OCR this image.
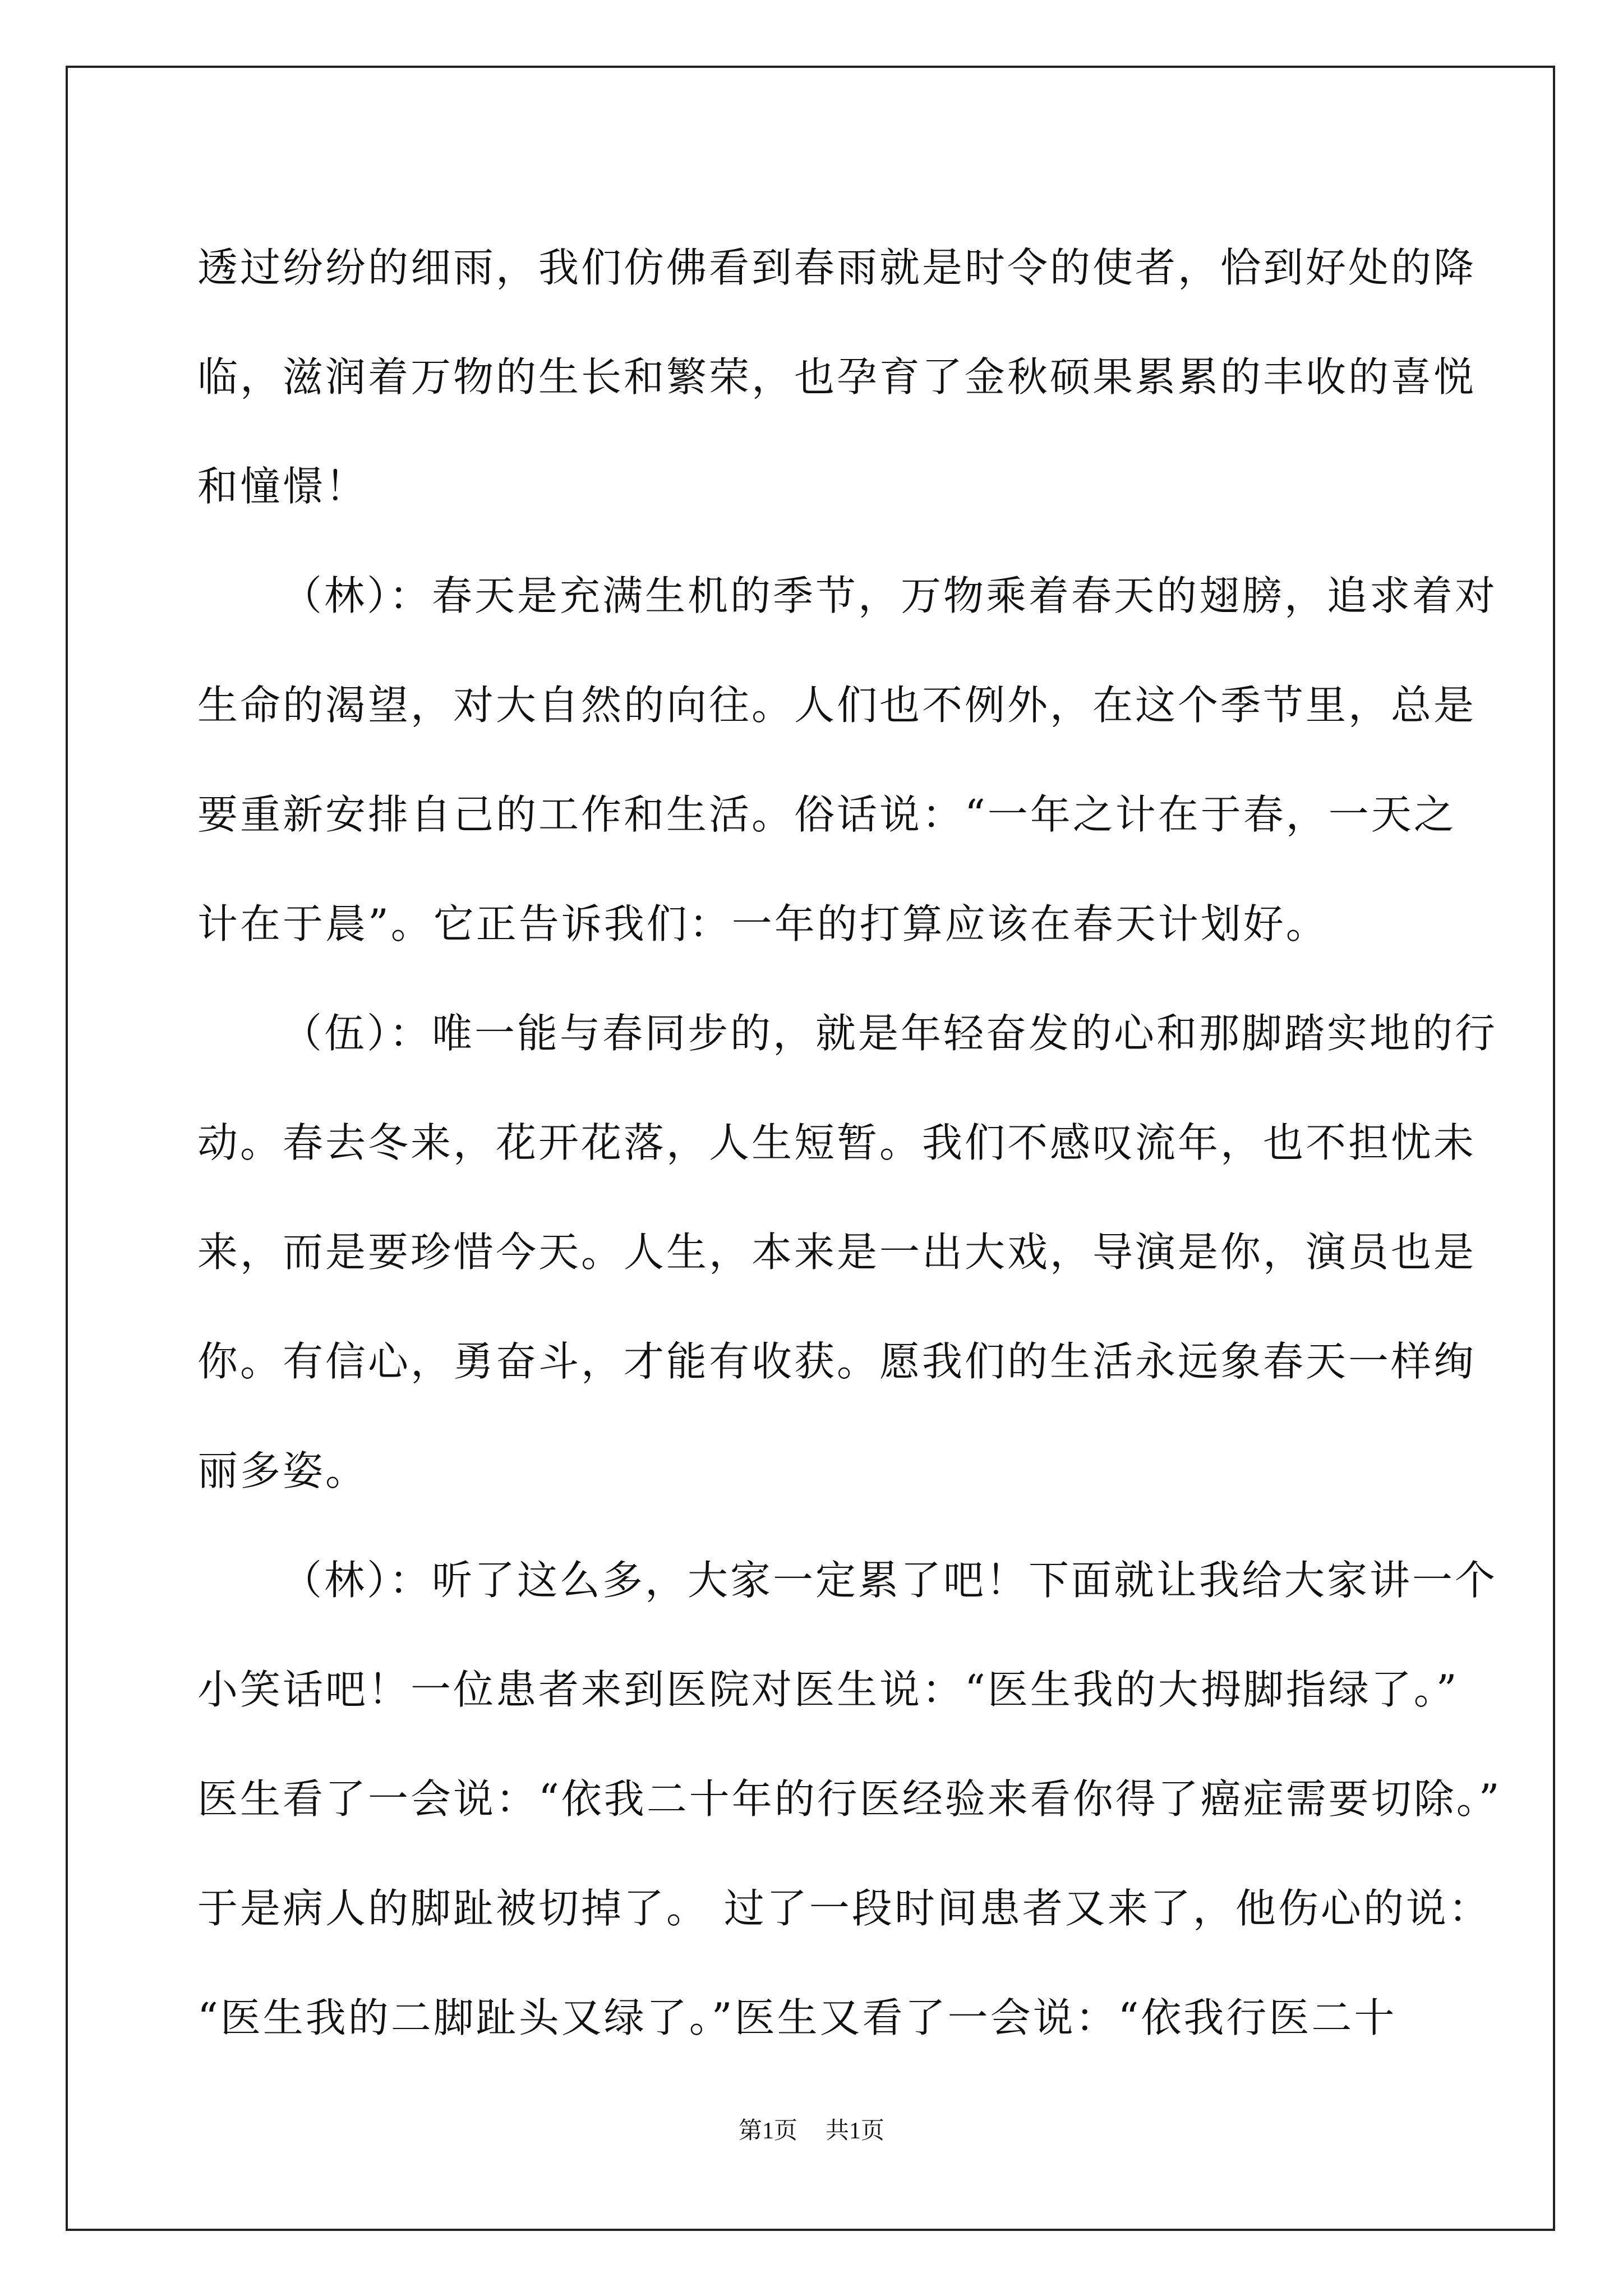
透过纷纷的细雨，我们仿佛看到春雨就是时令的使者，恰到好处的降
临，滋润着万物的生长和繁荣，也孕育了金秋硕果累累的丰收的喜悦
和憧憬！
（林）：春天是充满生机的季节，万物乘着春天的翅膀，追求着对
生命的渴望，对大自然的向往。人们也不例外，在这个季节里，总是
要重新安排自己的工作和生活。俗话说：“一年之计在于春，一天之
计在于晨”。它正告诉我们：一年的打算应该在春天计划好。
（伍）：唯一能与春同步的，就是年轻奋发的心和那脚踏实地的行
动。春去冬来，花开花落，人生短暂。我们不感叹流年，也不担忧未
来，而是要珍惜今天。人生，本来是一出大戏，导演是你，演员也是
你。有信心，勇奋斗，才能有收获。愿我们的生活永远象春天一样绚
丽多姿。
（林）：听了这么多，大家一定累了吧！下面就让我给大家讲一个
小笑话吧！一位患者来到医院对医生说：“医生我的大拇脚指绿了。”
医生看了一会说：“依我二十年的行医经验来看你得了癌症需要切除。”
于是病人的脚趾被切掉了。 过了一段时间患者又来了，他伤心的说：
“医生我的二脚趾头又绿了。”医生又看了一会说：“依我行医二十
第1页 共1页
